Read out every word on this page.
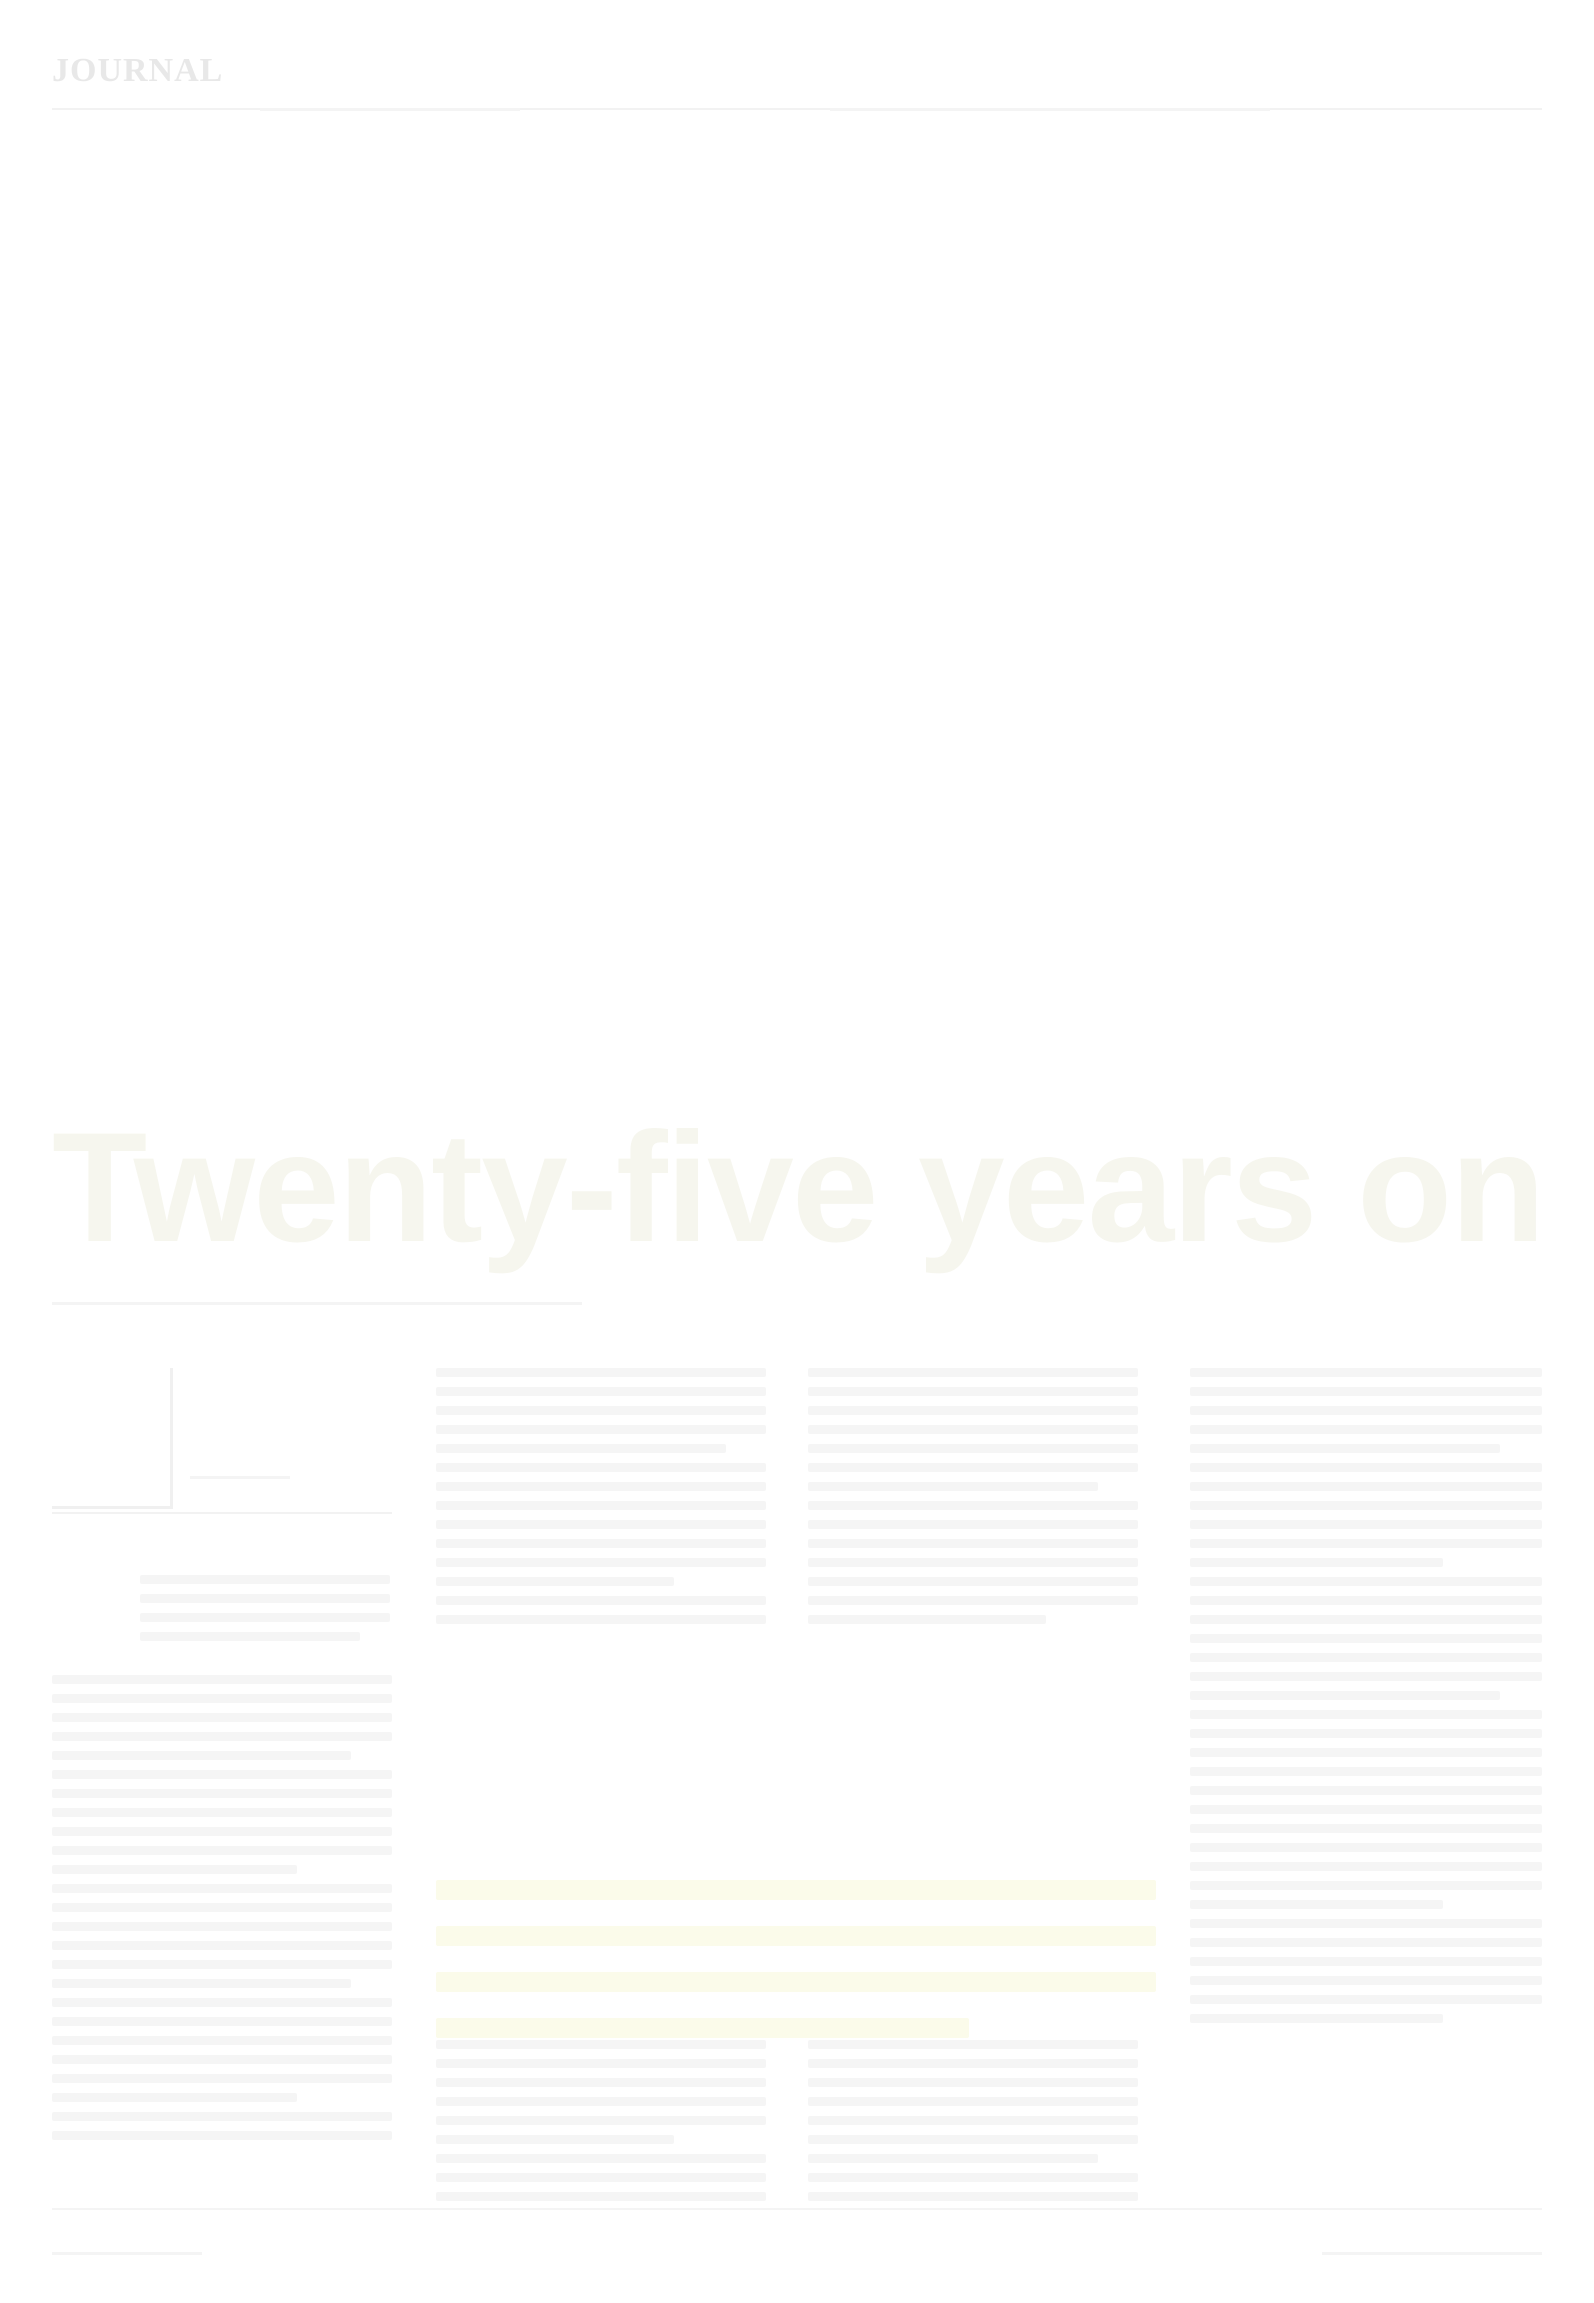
JOURNAL
Twenty-five years on
